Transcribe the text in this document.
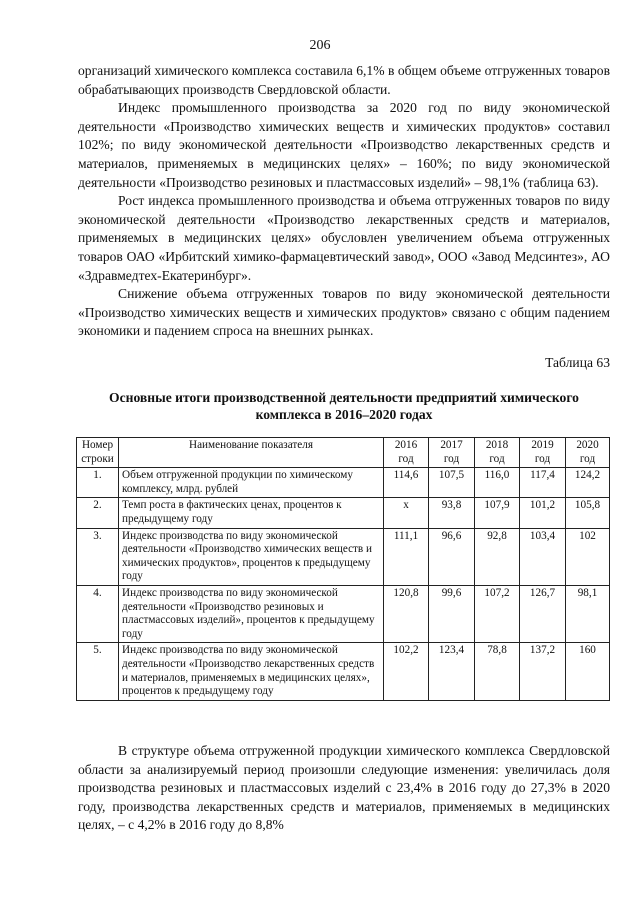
206

организаций химического комплекса составила 6,1% в общем объеме отгруженных товаров обрабатывающих производств Свердловской области.

Индекс промышленного производства за 2020 год по виду экономической деятельности «Производство химических веществ и химических продуктов» составил 102%; по виду экономической деятельности «Производство лекарственных средств и материалов, применяемых в медицинских целях» – 160%; по виду экономической деятельности «Производство резиновых и пластмассовых изделий» – 98,1% (таблица 63).

Рост индекса промышленного производства и объема отгруженных товаров по виду экономической деятельности «Производство лекарственных средств и материалов, применяемых в медицинских целях» обусловлен увеличением объема отгруженных товаров ОАО «Ирбитский химико-фармацевтический завод», ООО «Завод Медсинтез», АО «Здравмедтех-Екатеринбург».

Снижение объема отгруженных товаров по виду экономической деятельности «Производство химических веществ и химических продуктов» связано с общим падением экономики и падением спроса на внешних рынках.

Таблица 63
Основные итоги производственной деятельности предприятий химического комплекса в 2016–2020 годах
Номер строки	Наименование показателя	2016 год	2017 год	2018 год	2019 год	2020 год
1.	Объем отгруженной продукции по химическому комплексу, млрд. рублей	114,6	107,5	116,0	117,4	124,2
2.	Темп роста в фактических ценах, процентов к предыдущему году	х	93,8	107,9	101,2	105,8
3.	Индекс производства по виду экономической деятельности «Производство химических веществ и химических продуктов», процентов к предыдущему году	111,1	96,6	92,8	103,4	102
4.	Индекс производства по виду экономической деятельности «Производство резиновых и пластмассовых изделий», процентов к предыдущему году	120,8	99,6	107,2	126,7	98,1
5.	Индекс производства по виду экономической деятельности «Производство лекарственных средств и материалов, применяемых в медицинских целях», процентов к предыдущему году	102,2	123,4	78,8	137,2	160

В структуре объема отгруженной продукции химического комплекса Свердловской области за анализируемый период произошли следующие изменения: увеличилась доля производства резиновых и пластмассовых изделий с 23,4% в 2016 году до 27,3% в 2020 году, производства лекарственных средств и материалов, применяемых в медицинских целях, – с 4,2% в 2016 году до 8,8%
